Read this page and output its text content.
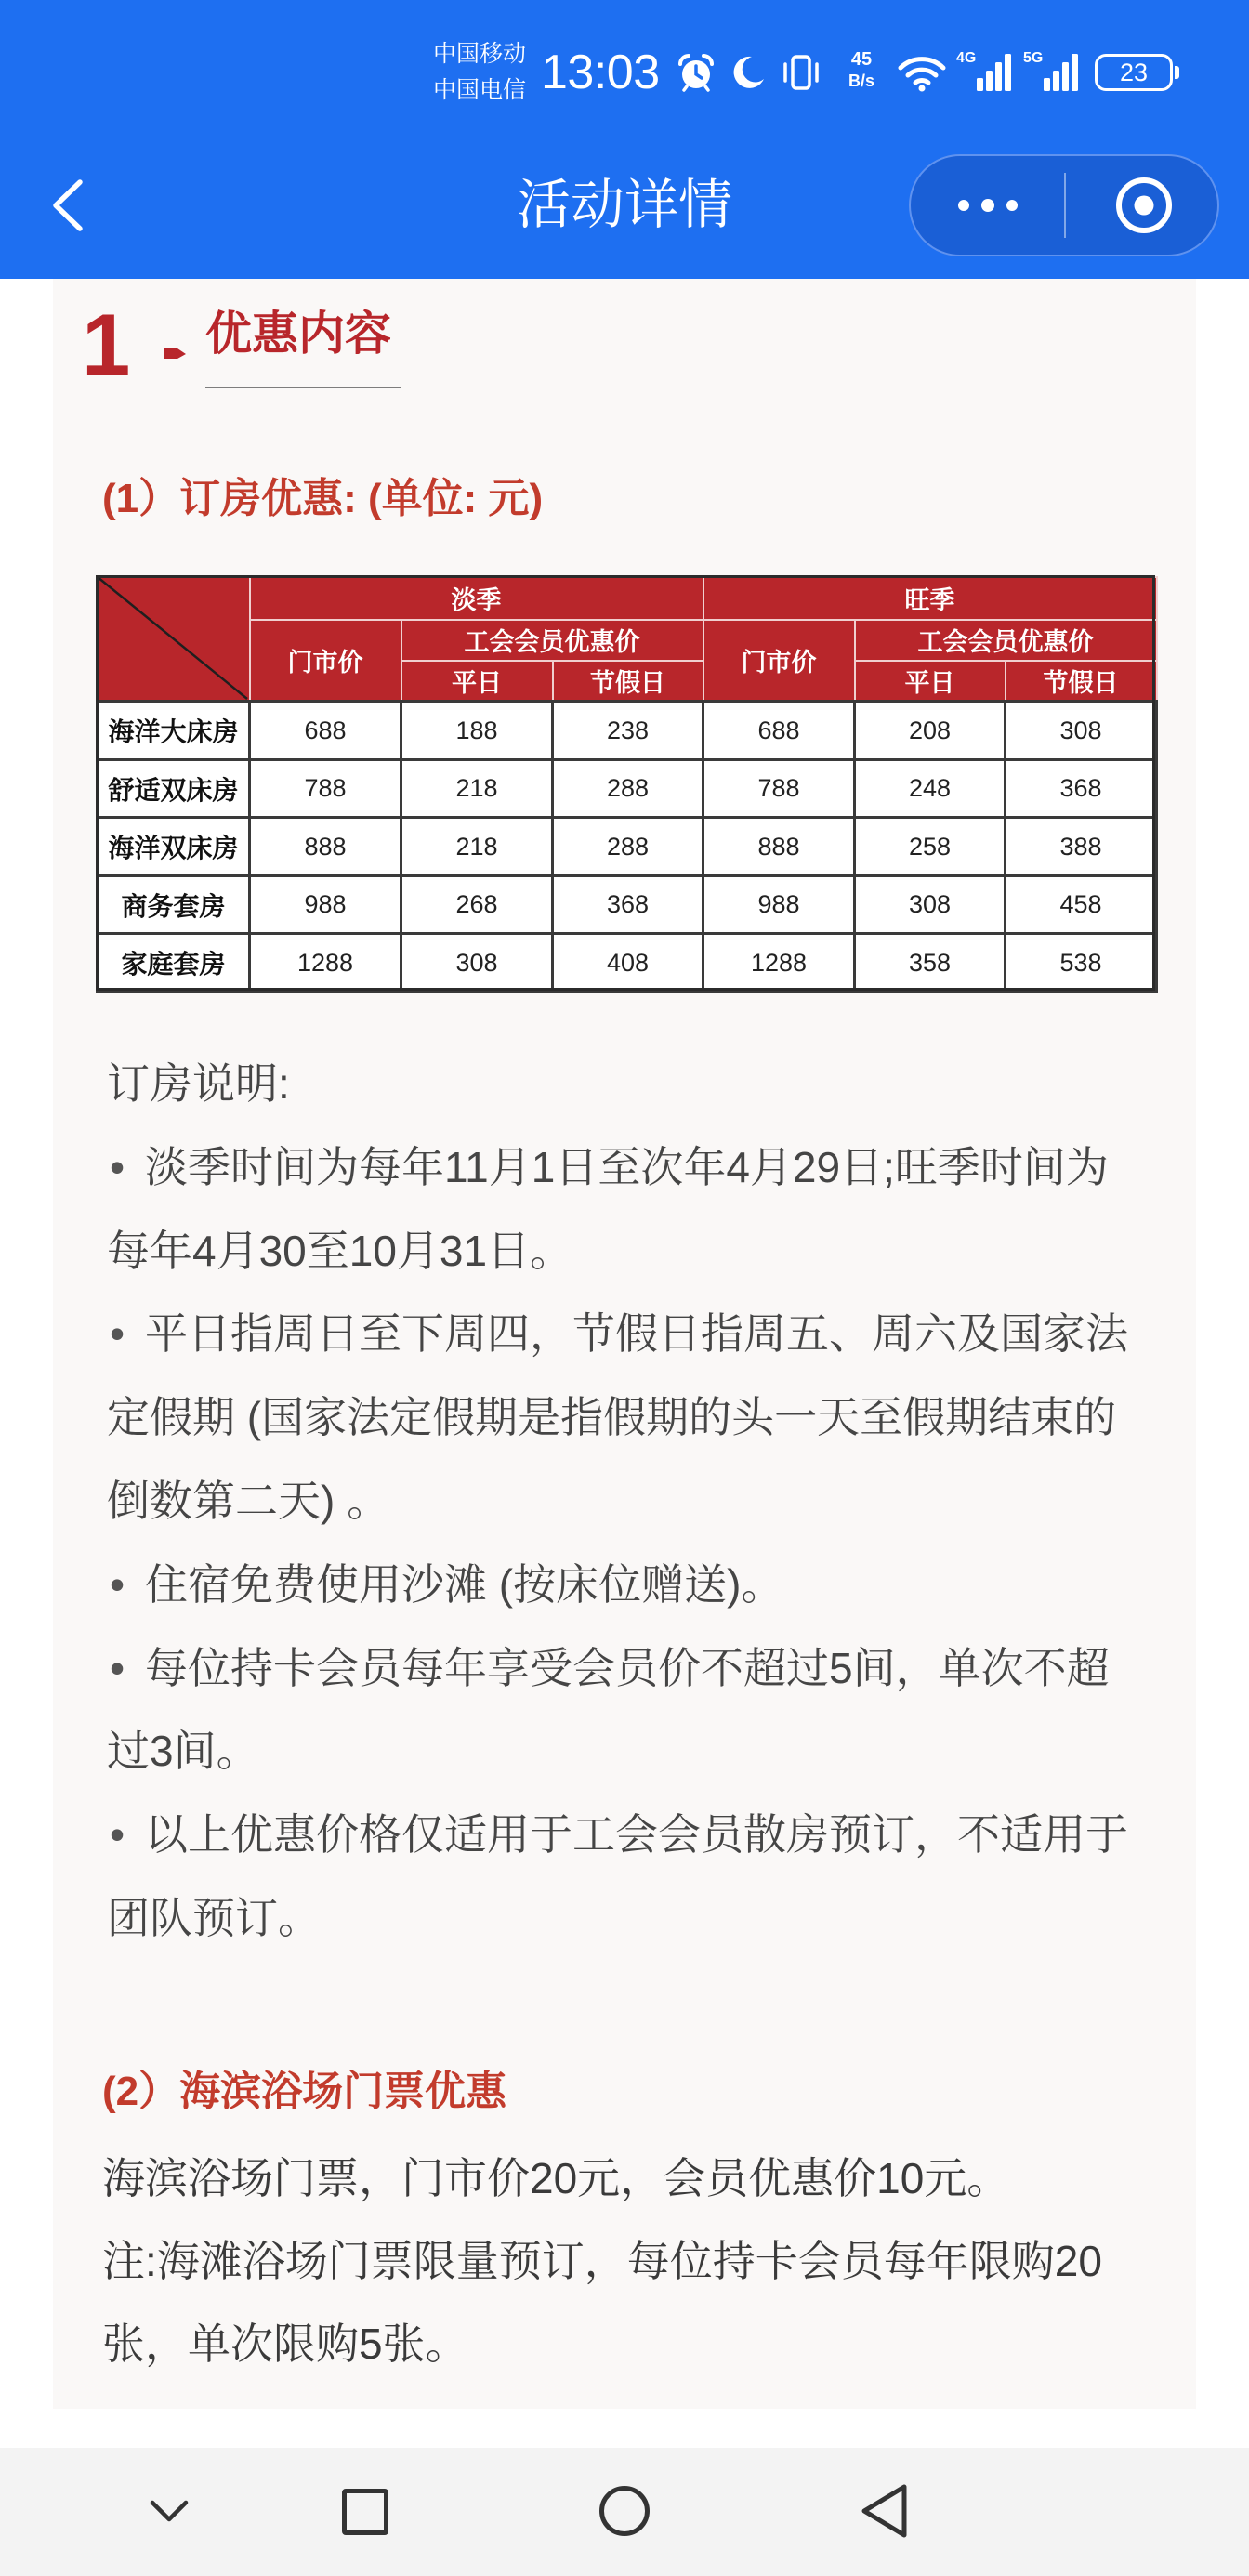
中国移动
中国电信 13:03	45
B/s
4G	5G
23
活动详情
1 优惠内容
(1）订房优惠: (单位: 元)
	淡季			旺季		
	门市价	工会会员优惠价		门市价	工会会员优惠价	
		平日	节假日		平日	节假日
海洋大床房	688	188	238	688	208	308
舒适双床房	788	218	288	788	248	368
海洋双床房	888	218	288	888	258	388
商务套房	988	268	368	988	308	458
家庭套房	1288	308	408	1288	358	538
订房说明:
• 淡季时间为每年11月1日至次年4月29日;旺季时间为
每年4月30至10月31日。
• 平日指周日至下周四，节假日指周五、周六及国家法
定假期 (国家法定假期是指假期的头一天至假期结束的
倒数第二天) 。
• 住宿免费使用沙滩 (按床位赠送)。
• 每位持卡会员每年享受会员价不超过5间，单次不超
过3间。
• 以上优惠价格仅适用于工会会员散房预订，不适用于
团队预订。
(2）海滨浴场门票优惠
海滨浴场门票，门市价20元，会员优惠价10元。
注:海滩浴场门票限量预订，每位持卡会员每年限购20
张，单次限购5张。
